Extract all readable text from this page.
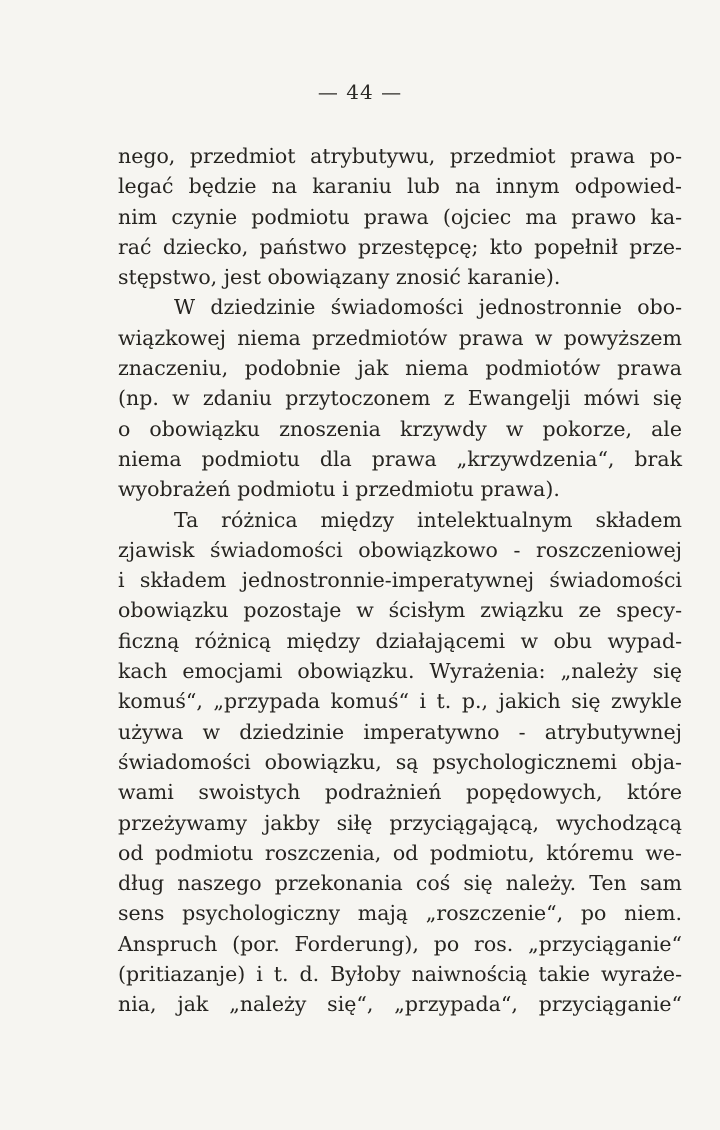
— 44 —
nego, przedmiot atrybutywu, przedmiot prawa po-
legać będzie na karaniu lub na innym odpowied-
nim czynie podmiotu prawa (ojciec ma prawo ka-
rać dziecko, państwo przestępcę; kto popełnił prze-
stępstwo, jest obowiązany znosić karanie).
W dziedzinie świadomości jednostronnie obo-
wiązkowej niema przedmiotów prawa w powyższem
znaczeniu, podobnie jak niema podmiotów prawa
(np. w zdaniu przytoczonem z Ewangelji mówi się
o obowiązku znoszenia krzywdy w pokorze, ale
niema podmiotu dla prawa „krzywdzenia“, brak
wyobrażeń podmiotu i przedmiotu prawa).
Ta różnica między intelektualnym składem
zjawisk świadomości obowiązkowo - roszczeniowej
i składem jednostronnie-imperatywnej świadomości
obowiązku pozostaje w ścisłym związku ze specy-
ficzną różnicą między działającemi w obu wypad-
kach emocjami obowiązku. Wyrażenia: „należy się
komuś“, „przypada komuś“ i t. p., jakich się zwykle
używa w dziedzinie imperatywno - atrybutywnej
świadomości obowiązku, są psychologicznemi obja-
wami swoistych podrażnień popędowych, które
przeżywamy jakby siłę przyciągającą, wychodzącą
od podmiotu roszczenia, od podmiotu, któremu we-
dług naszego przekonania coś się należy. Ten sam
sens psychologiczny mają „roszczenie“, po niem.
Anspruch (por. Forderung), po ros. „przyciąganie“
(pritiazanje) i t. d. Byłoby naiwnością takie wyraże-
nia, jak „należy się“, „przypada“, przyciąganie“
